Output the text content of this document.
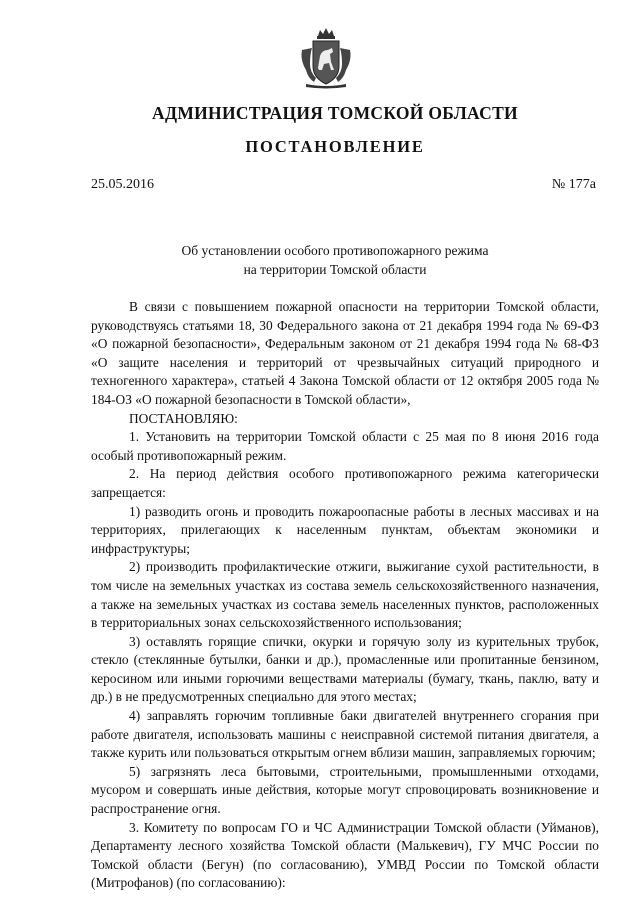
АДМИНИСТРАЦИЯ ТОМСКОЙ ОБЛАСТИ
ПОСТАНОВЛЕНИЕ
25.05.2016	№ 177а
Об установлении особого противопожарного режима
на территории Томской области

В связи с повышением пожарной опасности на территории Томской области, руководствуясь статьями 18, 30 Федерального закона от 21 декабря 1994 года № 69-ФЗ «О пожарной безопасности», Федеральным законом от 21 декабря 1994 года № 68-ФЗ «О защите населения и территорий от чрезвычайных ситуаций природного и техногенного характера», статьей 4 Закона Томской области от 12 октября 2005 года № 184-ОЗ «О пожарной безопасности в Томской области»,

ПОСТАНОВЛЯЮ:

1. Установить на территории Томской области с 25 мая по 8 июня 2016 года особый противопожарный режим.

2. На период действия особого противопожарного режима категорически запрещается:

1) разводить огонь и проводить пожароопасные работы в лесных массивах и на территориях, прилегающих к населенным пунктам, объектам экономики и инфраструктуры;

2) производить профилактические отжиги, выжигание сухой растительности, в том числе на земельных участках из состава земель сельскохозяйственного назначения, а также на земельных участках из состава земель населенных пунктов, расположенных в территориальных зонах сельскохозяйственного использования;

3) оставлять горящие спички, окурки и горячую золу из курительных трубок, стекло (стеклянные бутылки, банки и др.), промасленные или пропитанные бензином, керосином или иными горючими веществами материалы (бумагу, ткань, паклю, вату и др.) в не предусмотренных специально для этого местах;

4) заправлять горючим топливные баки двигателей внутреннего сгорания при работе двигателя, использовать машины с неисправной системой питания двигателя, а также курить или пользоваться открытым огнем вблизи машин, заправляемых горючим;

5) загрязнять леса бытовыми, строительными, промышленными отходами, мусором и совершать иные действия, которые могут спровоцировать возникновение и распространение огня.

3. Комитету по вопросам ГО и ЧС Администрации Томской области (Уйманов), Департаменту лесного хозяйства Томской области (Малькевич), ГУ МЧС России по Томской области (Бегун) (по согласованию), УМВД России по Томской области (Митрофанов) (по согласованию):
